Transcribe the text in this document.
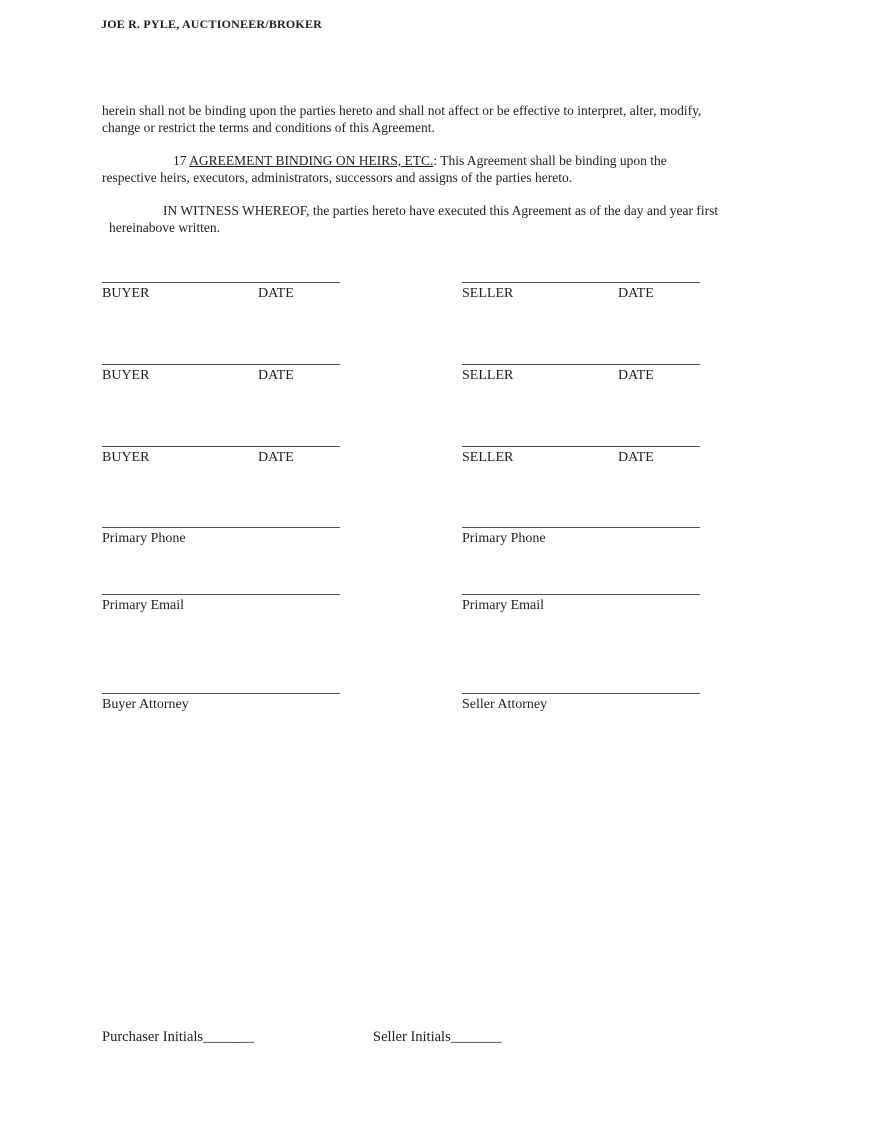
JOE R. PYLE, AUCTIONEER/BROKER
herein shall not be binding upon the parties hereto and shall not affect or be effective to interpret, alter, modify,
change or restrict the terms and conditions of this Agreement.
17 AGREEMENT BINDING ON HEIRS, ETC.: This Agreement shall be binding upon the
respective heirs, executors, administrators, successors and assigns of the parties hereto.
IN WITNESS WHEREOF, the parties hereto have executed this Agreement as of the day and year first
hereinabove written.
BUYER	DATE	SELLER	DATE
BUYER	DATE	SELLER	DATE
BUYER	DATE	SELLER	DATE
Primary Phone	Primary Phone
Primary Email	Primary Email
Buyer Attorney	Seller Attorney
Purchaser Initials_______	Seller Initials_______
